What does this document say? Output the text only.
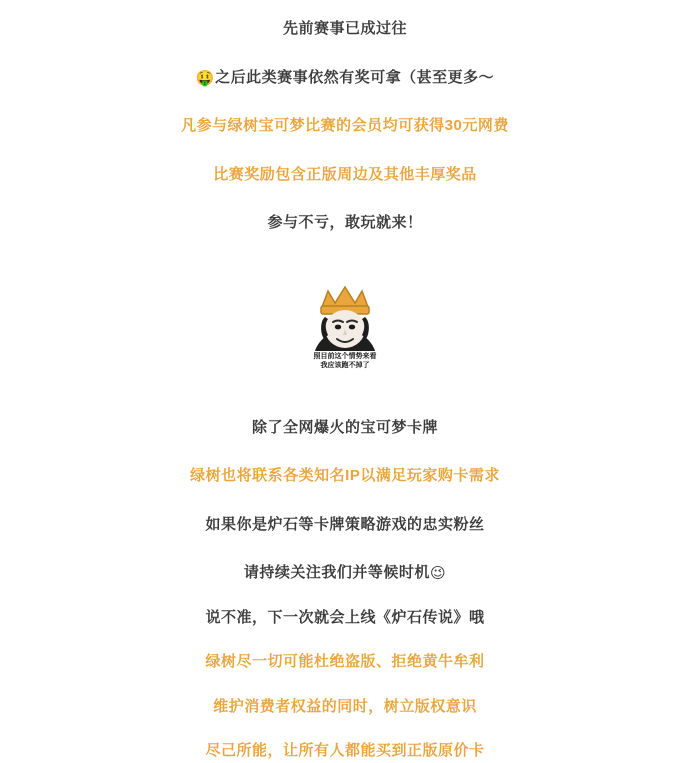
先前赛事已成过往
🤑之后此类赛事依然有奖可拿（甚至更多～
凡参与绿树宝可梦比赛的会员均可获得30元网费
比赛奖励包含正版周边及其他丰厚奖品
参与不亏，敢玩就来！
照目前这个情势来看
我应该跑不掉了
除了全网爆火的宝可梦卡牌
绿树也将联系各类知名IP以满足玩家购卡需求
如果你是炉石等卡牌策略游戏的忠实粉丝
请持续关注我们并等候时机😉
说不准，下一次就会上线《炉石传说》哦
绿树尽一切可能杜绝盗版、拒绝黄牛牟利
维护消费者权益的同时，树立版权意识
尽己所能，让所有人都能买到正版原价卡
